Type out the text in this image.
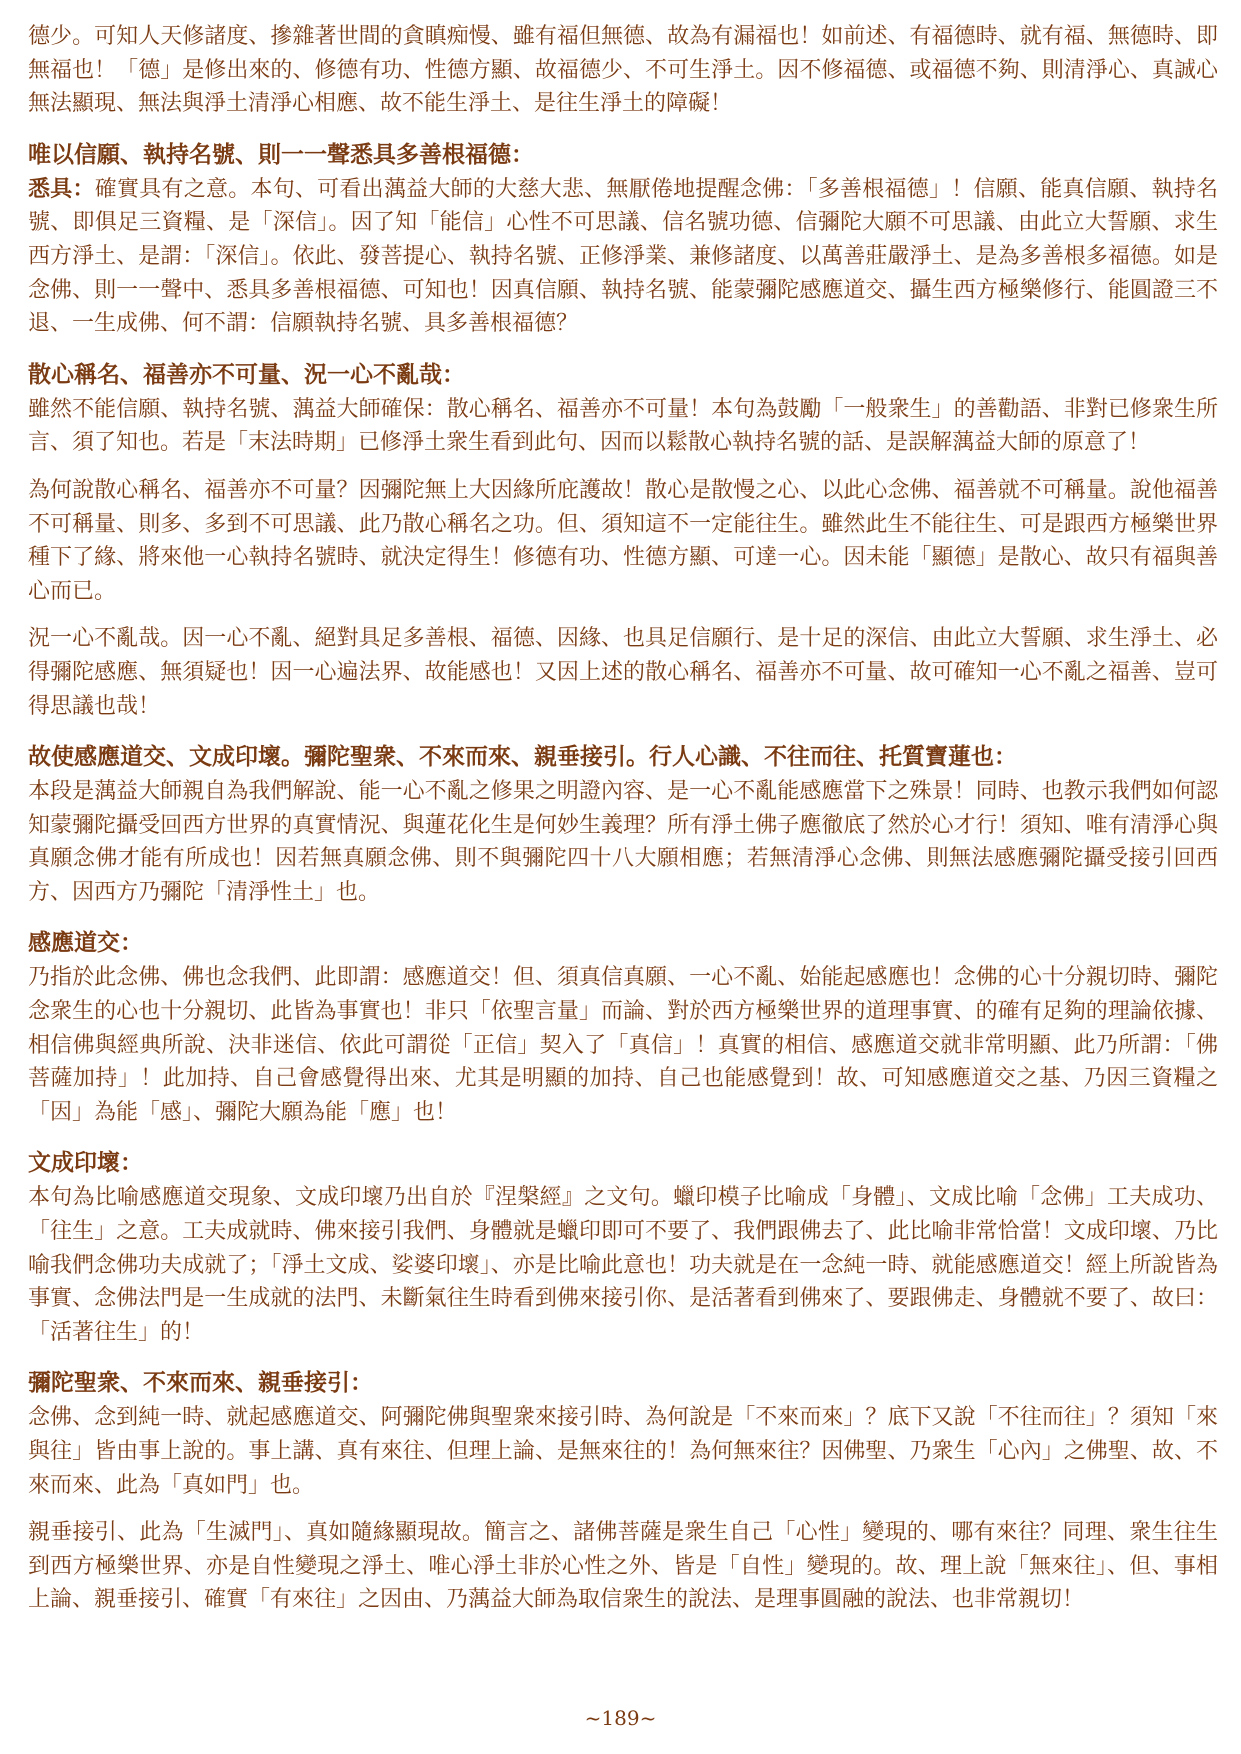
德少。可知人天修諸度、摻雜著世間的貪瞋痴慢、雖有福但無德、故為有漏福也！如前述、有福德時、就有福、無德時、即無福也！「德」是修出來的、修德有功、性德方顯、故福德少、不可生淨土。因不修福德、或福德不夠、則清淨心、真誠心無法顯現、無法與淨土清淨心相應、故不能生淨土、是往生淨土的障礙！

唯以信願、執持名號、則一一聲悉具多善根福德：

悉具：確實具有之意。本句、可看出蕅益大師的大慈大悲、無厭倦地提醒念佛：「多善根福德」！信願、能真信願、執持名號、即俱足三資糧、是「深信」。因了知「能信」心性不可思議、信名號功德、信彌陀大願不可思議、由此立大誓願、求生西方淨土、是謂：「深信」。依此、發菩提心、執持名號、正修淨業、兼修諸度、以萬善莊嚴淨土、是為多善根多福德。如是念佛、則一一聲中、悉具多善根福德、可知也！因真信願、執持名號、能蒙彌陀感應道交、攝生西方極樂修行、能圓證三不退、一生成佛、何不謂：信願執持名號、具多善根福德？

散心稱名、福善亦不可量、況一心不亂哉：

雖然不能信願、執持名號、蕅益大師確保：散心稱名、福善亦不可量！本句為鼓勵「一般衆生」的善勸語、非對已修衆生所言、須了知也。若是「末法時期」已修淨土衆生看到此句、因而以鬆散心執持名號的話、是誤解蕅益大師的原意了！

為何說散心稱名、福善亦不可量？因彌陀無上大因緣所庇護故！散心是散慢之心、以此心念佛、福善就不可稱量。說他福善不可稱量、則多、多到不可思議、此乃散心稱名之功。但、須知這不一定能往生。雖然此生不能往生、可是跟西方極樂世界種下了緣、將來他一心執持名號時、就決定得生！修德有功、性德方顯、可達一心。因未能「顯德」是散心、故只有福與善心而已。

況一心不亂哉。因一心不亂、絕對具足多善根、福德、因緣、也具足信願行、是十足的深信、由此立大誓願、求生淨土、必得彌陀感應、無須疑也！因一心遍法界、故能感也！又因上述的散心稱名、福善亦不可量、故可確知一心不亂之福善、豈可得思議也哉！

故使感應道交、文成印壞。彌陀聖衆、不來而來、親垂接引。行人心識、不往而往、托質寶蓮也：

本段是蕅益大師親自為我們解說、能一心不亂之修果之明證內容、是一心不亂能感應當下之殊景！同時、也教示我們如何認知蒙彌陀攝受回西方世界的真實情況、與蓮花化生是何妙生義理？所有淨土佛子應徹底了然於心才行！須知、唯有清淨心與真願念佛才能有所成也！因若無真願念佛、則不與彌陀四十八大願相應；若無清淨心念佛、則無法感應彌陀攝受接引回西方、因西方乃彌陀「清淨性土」也。

感應道交：

乃指於此念佛、佛也念我們、此即謂：感應道交！但、須真信真願、一心不亂、始能起感應也！念佛的心十分親切時、彌陀念衆生的心也十分親切、此皆為事實也！非只「依聖言量」而論、對於西方極樂世界的道理事實、的確有足夠的理論依據、相信佛與經典所說、決非迷信、依此可謂從「正信」契入了「真信」！真實的相信、感應道交就非常明顯、此乃所謂：「佛菩薩加持」！此加持、自己會感覺得出來、尤其是明顯的加持、自己也能感覺到！故、可知感應道交之基、乃因三資糧之「因」為能「感」、彌陀大願為能「應」也！

文成印壞：

本句為比喻感應道交現象、文成印壞乃出自於『涅槃經』之文句。蠟印模子比喻成「身體」、文成比喻「念佛」工夫成功、「往生」之意。工夫成就時、佛來接引我們、身體就是蠟印即可不要了、我們跟佛去了、此比喻非常恰當！文成印壞、乃比喻我們念佛功夫成就了；「淨土文成、娑婆印壞」、亦是比喻此意也！功夫就是在一念純一時、就能感應道交！經上所說皆為事實、念佛法門是一生成就的法門、未斷氣往生時看到佛來接引你、是活著看到佛來了、要跟佛走、身體就不要了、故曰：「活著往生」的！

彌陀聖衆、不來而來、親垂接引：

念佛、念到純一時、就起感應道交、阿彌陀佛與聖衆來接引時、為何說是「不來而來」？底下又說「不往而往」？須知「來與往」皆由事上說的。事上講、真有來往、但理上論、是無來往的！為何無來往？因佛聖、乃衆生「心內」之佛聖、故、不來而來、此為「真如門」也。

親垂接引、此為「生滅門」、真如隨緣顯現故。簡言之、諸佛菩薩是衆生自己「心性」變現的、哪有來往？同理、衆生往生到西方極樂世界、亦是自性變現之淨土、唯心淨土非於心性之外、皆是「自性」變現的。故、理上說「無來往」、但、事相上論、親垂接引、確實「有來往」之因由、乃蕅益大師為取信衆生的說法、是理事圓融的說法、也非常親切！

~189~
